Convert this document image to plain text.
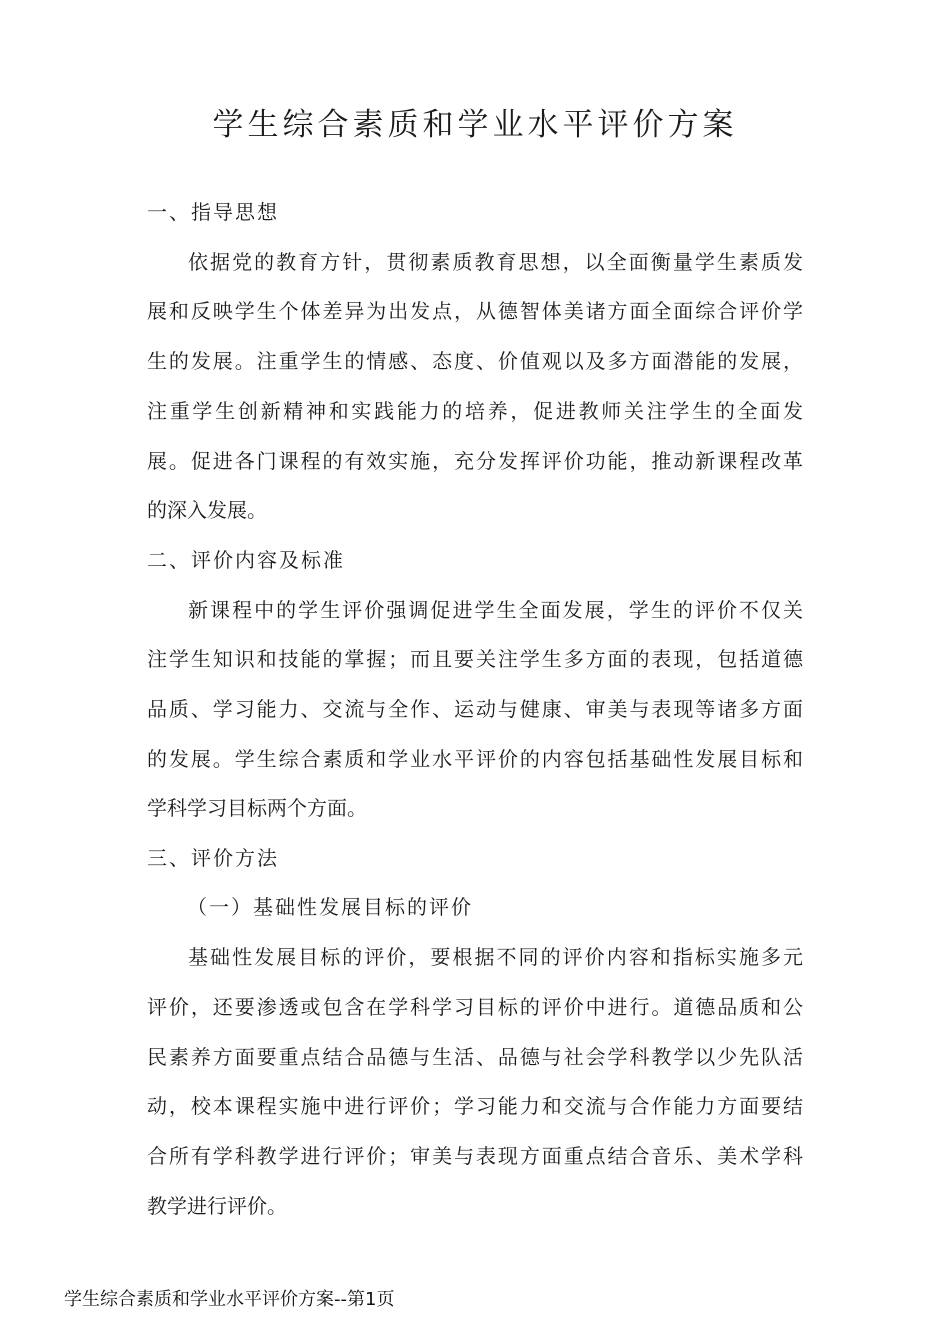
学生综合素质和学业水平评价方案
一、指导思想
依据党的教育方针，贯彻素质教育思想，以全面衡量学生素质发
展和反映学生个体差异为出发点，从德智体美诸方面全面综合评价学
生的发展。注重学生的情感、态度、价值观以及多方面潜能的发展，
注重学生创新精神和实践能力的培养，促进教师关注学生的全面发
展。促进各门课程的有效实施，充分发挥评价功能，推动新课程改革
的深入发展。
二、评价内容及标准
新课程中的学生评价强调促进学生全面发展，学生的评价不仅关
注学生知识和技能的掌握；而且要关注学生多方面的表现，包括道德
品质、学习能力、交流与全作、运动与健康、审美与表现等诸多方面
的发展。学生综合素质和学业水平评价的内容包括基础性发展目标和
学科学习目标两个方面。
三、评价方法
（一）基础性发展目标的评价
基础性发展目标的评价，要根据不同的评价内容和指标实施多元
评价，还要渗透或包含在学科学习目标的评价中进行。道德品质和公
民素养方面要重点结合品德与生活、品德与社会学科教学以少先队活
动，校本课程实施中进行评价；学习能力和交流与合作能力方面要结
合所有学科教学进行评价；审美与表现方面重点结合音乐、美术学科
教学进行评价。
学生综合素质和学业水平评价方案--第1页
